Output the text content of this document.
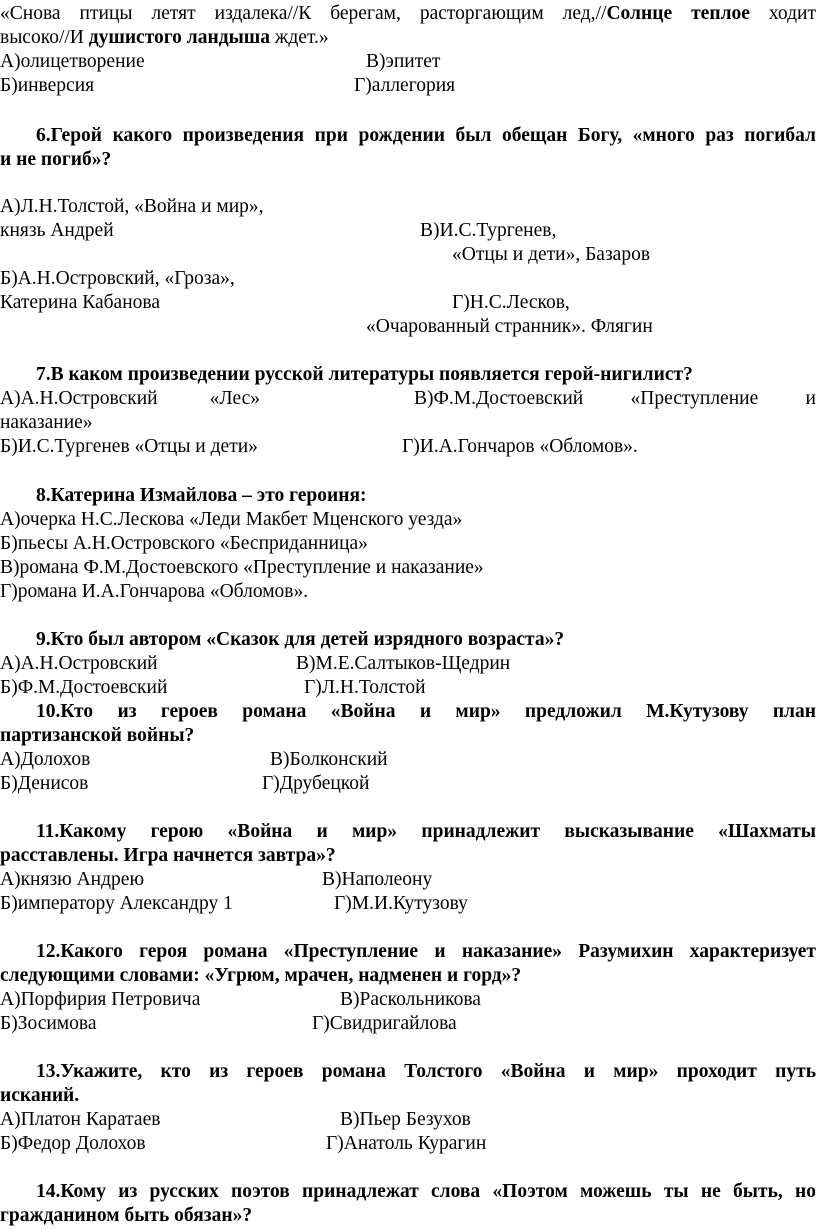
«Снова птицы летят издалека//К берегам, расторгающим лед,//Солнце теплое ходит
высоко//И душистого ландыша ждет.»
А)олицетворение	В)эпитет
Б)инверсия	Г)аллегория
6.Герой какого произведения при рождении был обещан Богу, «много раз погибал
и не погиб»?
А)Л.Н.Толстой, «Война и мир»,
князь Андрей	В)И.С.Тургенев,
«Отцы и дети», Базаров
Б)А.Н.Островский, «Гроза»,
Катерина Кабанова	Г)Н.С.Лесков,
«Очарованный странник». Флягин
7.В каком произведении русской литературы появляется герой-нигилист?
А)А.Н.Островский «Лес»	В)Ф.М.Достоевский «Преступление и
наказание»
Б)И.С.Тургенев «Отцы и дети»	Г)И.А.Гончаров «Обломов».
8.Катерина Измайлова – это героиня:
А)очерка Н.С.Лескова «Леди Макбет Мценского уезда»
Б)пьесы А.Н.Островского «Бесприданница»
В)романа Ф.М.Достоевского «Преступление и наказание»
Г)романа И.А.Гончарова «Обломов».
9.Кто был автором «Сказок для детей изрядного возраста»?
А)А.Н.Островский	В)М.Е.Салтыков-Щедрин
Б)Ф.М.Достоевский	Г)Л.Н.Толстой
10.Кто из героев романа «Война и мир» предложил М.Кутузову план
партизанской войны?
А)Долохов	В)Болконский
Б)Денисов	Г)Друбецкой
11.Какому герою «Война и мир» принадлежит высказывание «Шахматы
расставлены. Игра начнется завтра»?
А)князю Андрею	В)Наполеону
Б)императору Александру 1	Г)М.И.Кутузову
12.Какого героя романа «Преступление и наказание» Разумихин характеризует
следующими словами: «Угрюм, мрачен, надменен и горд»?
А)Порфирия Петровича	В)Раскольникова
Б)Зосимова	Г)Свидригайлова
13.Укажите, кто из героев романа Толстого «Война и мир» проходит путь
исканий.
А)Платон Каратаев	В)Пьер Безухов
Б)Федор Долохов	Г)Анатоль Курагин
14.Кому из русских поэтов принадлежат слова «Поэтом можешь ты не быть, но
гражданином быть обязан»?
